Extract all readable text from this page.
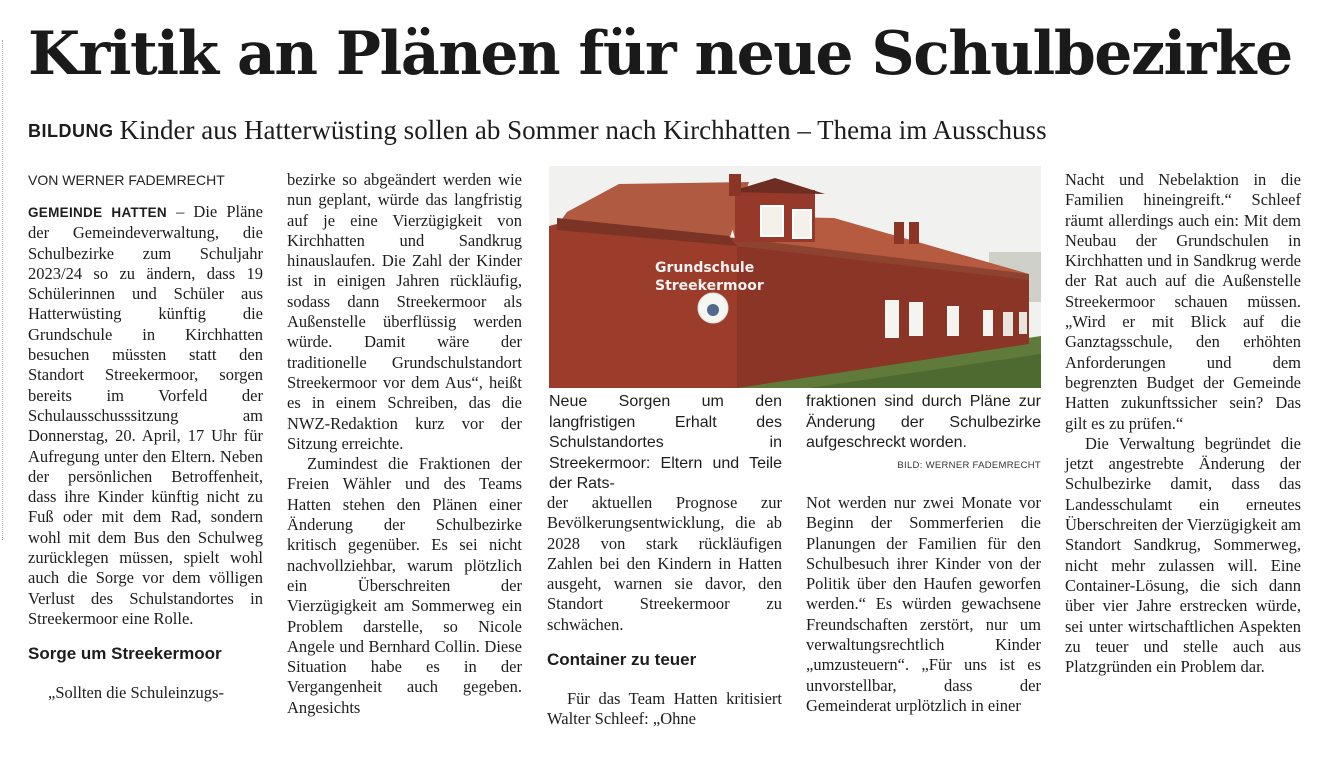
Kritik an Plänen für neue Schulbezirke
BILDUNG Kinder aus Hatterwüsting sollen ab Sommer nach Kirchhatten – Thema im Ausschuss
VON WERNER FADEMRECHT

GEMEINDE HATTEN – Die Pläne der Gemeindeverwaltung, die Schulbezirke zum Schuljahr 2023/24 so zu ändern, dass 19 Schülerinnen und Schüler aus Hatterwüsting künftig die Grundschule in Kirchhatten besuchen müssten statt den Standort Streekermoor, sorgen bereits im Vorfeld der Schulausschusssitzung am Donnerstag, 20. April, 17 Uhr für Aufregung unter den Eltern. Neben der persönlichen Betroffenheit, dass ihre Kinder künftig nicht zu Fuß oder mit dem Rad, sondern wohl mit dem Bus den Schulweg zurücklegen müssen, spielt wohl auch die Sorge vor dem völligen Verlust des Schulstandortes in Streekermoor eine Rolle.

Sorge um Streekermoor

„Sollten die Schuleinzugs-

bezirke so abgeändert werden wie nun geplant, würde das langfristig auf je eine Vierzügigkeit von Kirchhatten und Sandkrug hinauslaufen. Die Zahl der Kinder ist in einigen Jahren rückläufig, sodass dann Streekermoor als Außenstelle überflüssig werden würde. Damit wäre der traditionelle Grundschulstandort Streekermoor vor dem Aus“, heißt es in einem Schreiben, das die NWZ-Redaktion kurz vor der Sitzung erreichte.

Zumindest die Fraktionen der Freien Wähler und des Teams Hatten stehen den Plänen einer Änderung der Schulbezirke kritisch gegenüber. Es sei nicht nachvollziehbar, warum plötzlich ein Überschreiten der Vierzügigkeit am Sommerweg ein Problem darstelle, so Nicole Angele und Bernhard Collin. Diese Situation habe es in der Vergangenheit auch gegeben. Angesichts

Grundschule
Streekermoor
Neue Sorgen um den langfristigen Erhalt des Schulstandortes in Streekermoor: Eltern und Teile der Rats-
fraktionen sind durch Pläne zur Änderung der Schulbezirke aufgeschreckt worden.
BILD: WERNER FADEMRECHT

der aktuellen Prognose zur Bevölkerungsentwicklung, die ab 2028 von stark rückläufigen Zahlen bei den Kindern in Hatten ausgeht, warnen sie davor, den Standort Streekermoor zu schwächen.

Container zu teuer

Für das Team Hatten kritisiert Walter Schleef: „Ohne

Not werden nur zwei Monate vor Beginn der Sommerferien die Planungen der Familien für den Schulbesuch ihrer Kinder von der Politik über den Haufen geworfen werden.“ Es würden gewachsene Freundschaften zerstört, nur um verwaltungsrechtlich Kinder „umzusteuern“. „Für uns ist es unvorstellbar, dass der Gemeinderat urplötzlich in einer

Nacht und Nebelaktion in die Familien hineingreift.“ Schleef räumt allerdings auch ein: Mit dem Neubau der Grundschulen in Kirchhatten und in Sandkrug werde der Rat auch auf die Außenstelle Streekermoor schauen müssen. „Wird er mit Blick auf die Ganztagsschule, den erhöhten Anforderungen und dem begrenzten Budget der Gemeinde Hatten zukunftssicher sein? Das gilt es zu prüfen.“

Die Verwaltung begründet die jetzt angestrebte Änderung der Schulbezirke damit, dass das Landesschulamt ein erneutes Überschreiten der Vierzügigkeit am Standort Sandkrug, Sommerweg, nicht mehr zulassen will. Eine Container-Lösung, die sich dann über vier Jahre erstrecken würde, sei unter wirtschaftlichen Aspekten zu teuer und stelle auch aus Platzgründen ein Problem dar.
